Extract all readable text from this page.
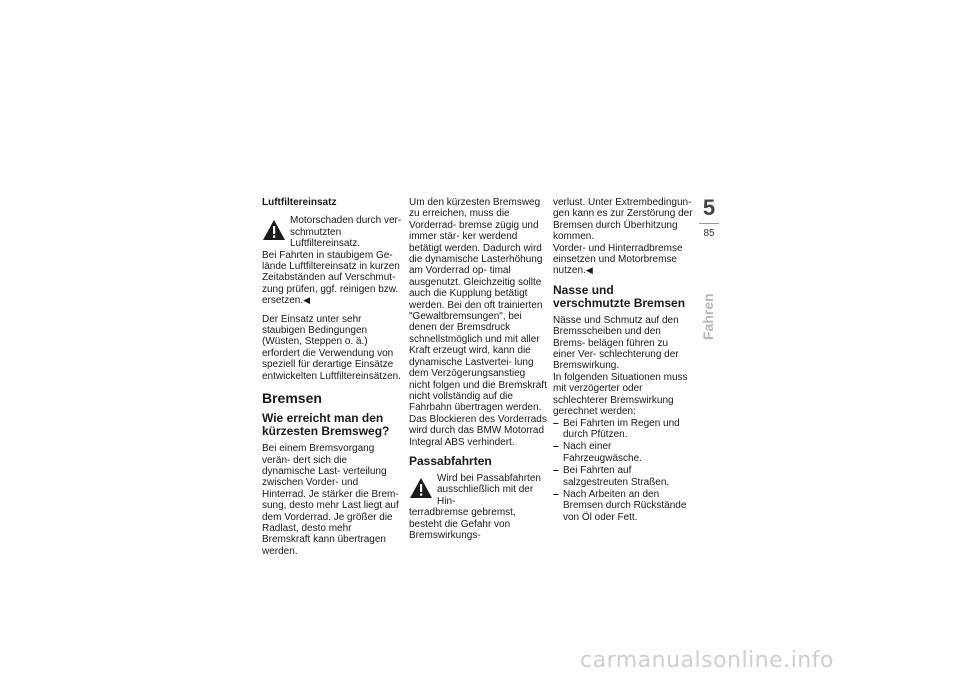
Luftfiltereinsatz

Motorschaden durch ver- schmutzten Luftfiltereinsatz.

Bei Fahrten in staubigem Ge- lände Luftfiltereinsatz in kurzen Zeitabständen auf Verschmut- zung prüfen, ggf. reinigen bzw. ersetzen.◀

Der Einsatz unter sehr staubigen Bedingungen (Wüsten, Steppen o. ä.) erfordert die Verwendung von speziell für derartige Einsätze entwickelten Luftfiltereinsätzen.

Bremsen
Wie erreicht man den kürzesten Bremsweg?

Bei einem Bremsvorgang verän- dert sich die dynamische Last- verteilung zwischen Vorder- und Hinterrad. Je stärker die Brem- sung, desto mehr Last liegt auf dem Vorderrad. Je größer die Radlast, desto mehr Bremskraft kann übertragen werden.

Um den kürzesten Bremsweg zu erreichen, muss die Vorderrad- bremse zügig und immer stär- ker werdend betätigt werden. Dadurch wird die dynamische Lasterhöhung am Vorderrad op- timal ausgenutzt. Gleichzeitig sollte auch die Kupplung betätigt werden. Bei den oft trainierten "Gewaltbremsungen", bei denen der Bremsdruck schnellstmöglich und mit aller Kraft erzeugt wird, kann die dynamische Lastvertei- lung dem Verzögerungsanstieg nicht folgen und die Bremskraft nicht vollständig auf die Fahrbahn übertragen werden.

Das Blockieren des Vorderrads wird durch das BMW Motorrad Integral ABS verhindert.

Passabfahrten

Wird bei Passabfahrten ausschließlich mit der Hin-

terradbremse gebremst, besteht die Gefahr von Bremswirkungs-

verlust. Unter Extrembedingun- gen kann es zur Zerstörung der Bremsen durch Überhitzung kommen.

Vorder- und Hinterradbremse einsetzen und Motorbremse nutzen.◀

Nasse und verschmutzte Bremsen

Nässe und Schmutz auf den Bremsscheiben und den Brems- belägen führen zu einer Ver- schlechterung der Bremswirkung.

In folgenden Situationen muss mit verzögerter oder schlechterer Bremswirkung gerechnet werden:

– Bei Fahrten im Regen und durch Pfützen.
– Nach einer Fahrzeugwäsche.
– Bei Fahrten auf salzgestreuten Straßen.
– Nach Arbeiten an den Bremsen durch Rückstände von Öl oder Fett.
5
85
Fahren
carmanualsonline.info
